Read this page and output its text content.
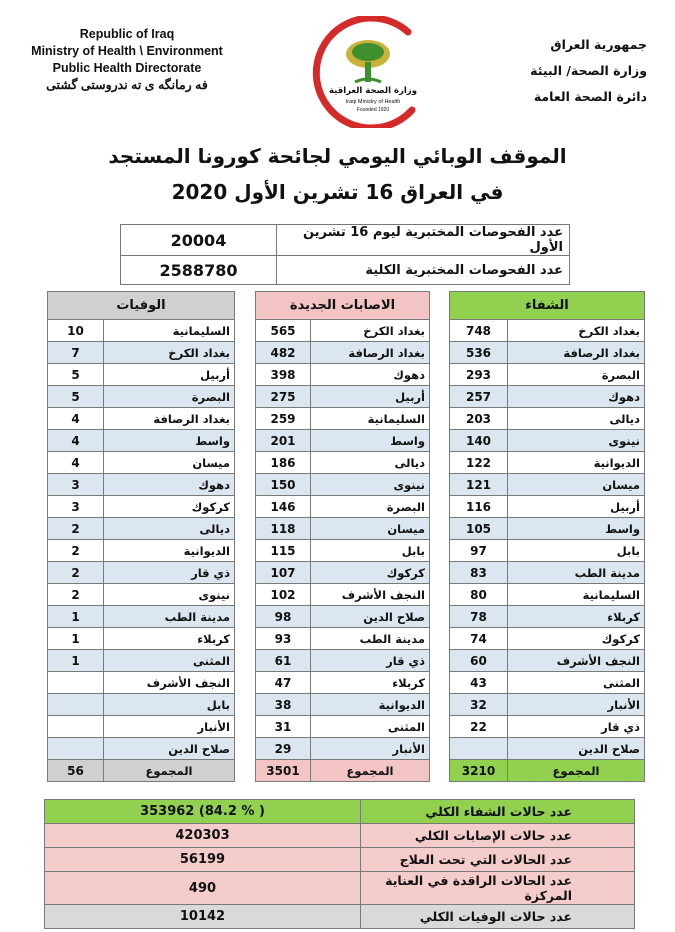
Republic of Iraq
Ministry of Health \ Environment
Public Health Directorate
فه رمانگه ى ته ندروستى گشتى	وزارة الصحة العراقية
Iraqi Ministry of Health
Founded 1920
جمهورية العراق
وزارة الصحة/ البيئة
دائرة الصحة العامة
الموقف الوبائي اليومي لجائحة كورونا المستجد
في العراق 16 تشرين الأول 2020
20004	عدد الفحوصات المختبرية ليوم 16 تشرين الأول
2588780	عدد الفحوصات المختبرية الكلية
الشفاء	
748	بغداد الكرخ
536	بغداد الرصافة
293	البصرة
257	دهوك
203	ديالى
140	نينوى
122	الديوانية
121	ميسان
116	أربيل
105	واسط
97	بابل
83	مدينة الطب
80	السليمانية
78	كربلاء
74	كركوك
60	النجف الأشرف
43	المثنى
32	الأنبار
22	ذي قار
	صلاح الدين
3210	المجموع
الاصابات الجديدة	
565	بغداد الكرخ
482	بغداد الرصافة
398	دهوك
275	أربيل
259	السليمانية
201	واسط
186	ديالى
150	نينوى
146	البصرة
118	ميسان
115	بابل
107	كركوك
102	النجف الأشرف
98	صلاح الدين
93	مدينة الطب
61	ذي قار
47	كربلاء
38	الديوانية
31	المثنى
29	الأنبار
3501	المجموع
الوفيات	
10	السليمانية
7	بغداد الكرخ
5	أربيل
5	البصرة
4	بغداد الرصافة
4	واسط
4	ميسان
3	دهوك
3	كركوك
2	ديالى
2	الديوانية
2	ذي قار
2	نينوى
1	مدينة الطب
1	كربلاء
1	المثنى
	النجف الأشرف
	بابل
	الأنبار
	صلاح الدين
56	المجموع
353962 (84.2 % )	عدد حالات الشفاء الكلي
420303	عدد حالات الإصابات الكلي
56199	عدد الحالات التي تحت العلاج
490	عدد الحالات الراقدة في العناية المركزة
10142	عدد حالات الوفيات الكلي
